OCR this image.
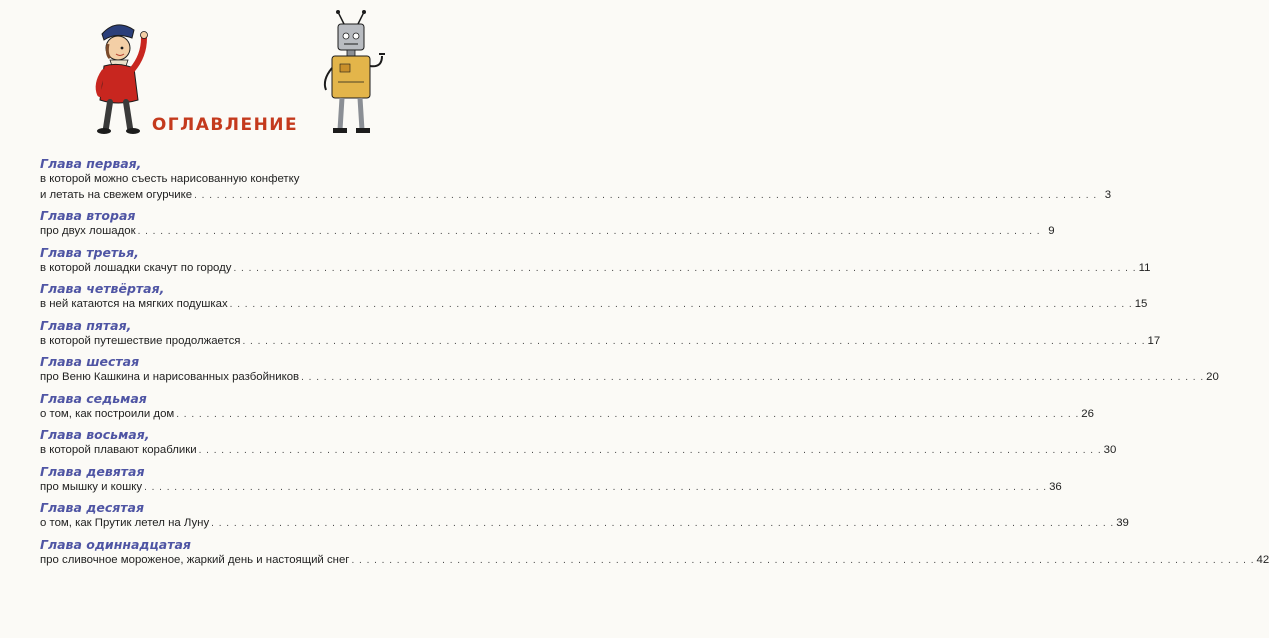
ОГЛАВЛЕНИЕ
Глава первая,
в которой можно съесть нарисованную конфетку
и летать на свежем огурчике . . . . . . . . . . . . . . . . . . . . . . . . . . . . . . . . . . . . . . . . . . . . . . . . . . . . . . . . . . . . . . . . . . . . . . . . . . . . . . . . . . . . . . . . . . . . . . . . . . . . . . . . . . . . . . . . . . . . . . . . 3
Глава вторая
про двух лошадок . . . . . . . . . . . . . . . . . . . . . . . . . . . . . . . . . . . . . . . . . . . . . . . . . . . . . . . . . . . . . . . . . . . . . . . . . . . . . . . . . . . . . . . . . . . . . . . . . . . . . . . . . . . . . . . . . . . . . . . . 9
Глава третья,
в которой лошадки скачут по городу . . . . . . . . . . . . . . . . . . . . . . . . . . . . . . . . . . . . . . . . . . . . . . . . . . . . . . . . . . . . . . . . . . . . . . . . . . . . . . . . . . . . . . . . . . . . . . . . . . . . . . . . . . . . . . . . . . . . . . . . 11
Глава четвёртая,
в ней катаются на мягких подушках . . . . . . . . . . . . . . . . . . . . . . . . . . . . . . . . . . . . . . . . . . . . . . . . . . . . . . . . . . . . . . . . . . . . . . . . . . . . . . . . . . . . . . . . . . . . . . . . . . . . . . . . . . . . . . . . . . . . . . . . 15
Глава пятая,
в которой путешествие продолжается . . . . . . . . . . . . . . . . . . . . . . . . . . . . . . . . . . . . . . . . . . . . . . . . . . . . . . . . . . . . . . . . . . . . . . . . . . . . . . . . . . . . . . . . . . . . . . . . . . . . . . . . . . . . . . . . . . . . . . . . 17
Глава шестая
про Веню Кашкина и нарисованных разбойников . . . . . . . . . . . . . . . . . . . . . . . . . . . . . . . . . . . . . . . . . . . . . . . . . . . . . . . . . . . . . . . . . . . . . . . . . . . . . . . . . . . . . . . . . . . . . . . . . . . . . . . . . . . . . . . . . . . . . . . . 20
Глава седьмая
о том, как построили дом . . . . . . . . . . . . . . . . . . . . . . . . . . . . . . . . . . . . . . . . . . . . . . . . . . . . . . . . . . . . . . . . . . . . . . . . . . . . . . . . . . . . . . . . . . . . . . . . . . . . . . . . . . . . . . . . . . . . . . . . 26
Глава восьмая,
в которой плавают кораблики . . . . . . . . . . . . . . . . . . . . . . . . . . . . . . . . . . . . . . . . . . . . . . . . . . . . . . . . . . . . . . . . . . . . . . . . . . . . . . . . . . . . . . . . . . . . . . . . . . . . . . . . . . . . . . . . . . . . . . . . 30
Глава девятая
про мышку и кошку . . . . . . . . . . . . . . . . . . . . . . . . . . . . . . . . . . . . . . . . . . . . . . . . . . . . . . . . . . . . . . . . . . . . . . . . . . . . . . . . . . . . . . . . . . . . . . . . . . . . . . . . . . . . . . . . . . . . . . . . 36
Глава десятая
о том, как Прутик летел на Луну . . . . . . . . . . . . . . . . . . . . . . . . . . . . . . . . . . . . . . . . . . . . . . . . . . . . . . . . . . . . . . . . . . . . . . . . . . . . . . . . . . . . . . . . . . . . . . . . . . . . . . . . . . . . . . . . . . . . . . . . 39
Глава одиннадцатая
про сливочное мороженое, жаркий день и настоящий снег . . . . . . . . . . . . . . . . . . . . . . . . . . . . . . . . . . . . . . . . . . . . . . . . . . . . . . . . . . . . . . . . . . . . . . . . . . . . . . . . . . . . . . . . . . . . . . . . . . . . . . . . . . . . . . . . . . . . . . . . 42
